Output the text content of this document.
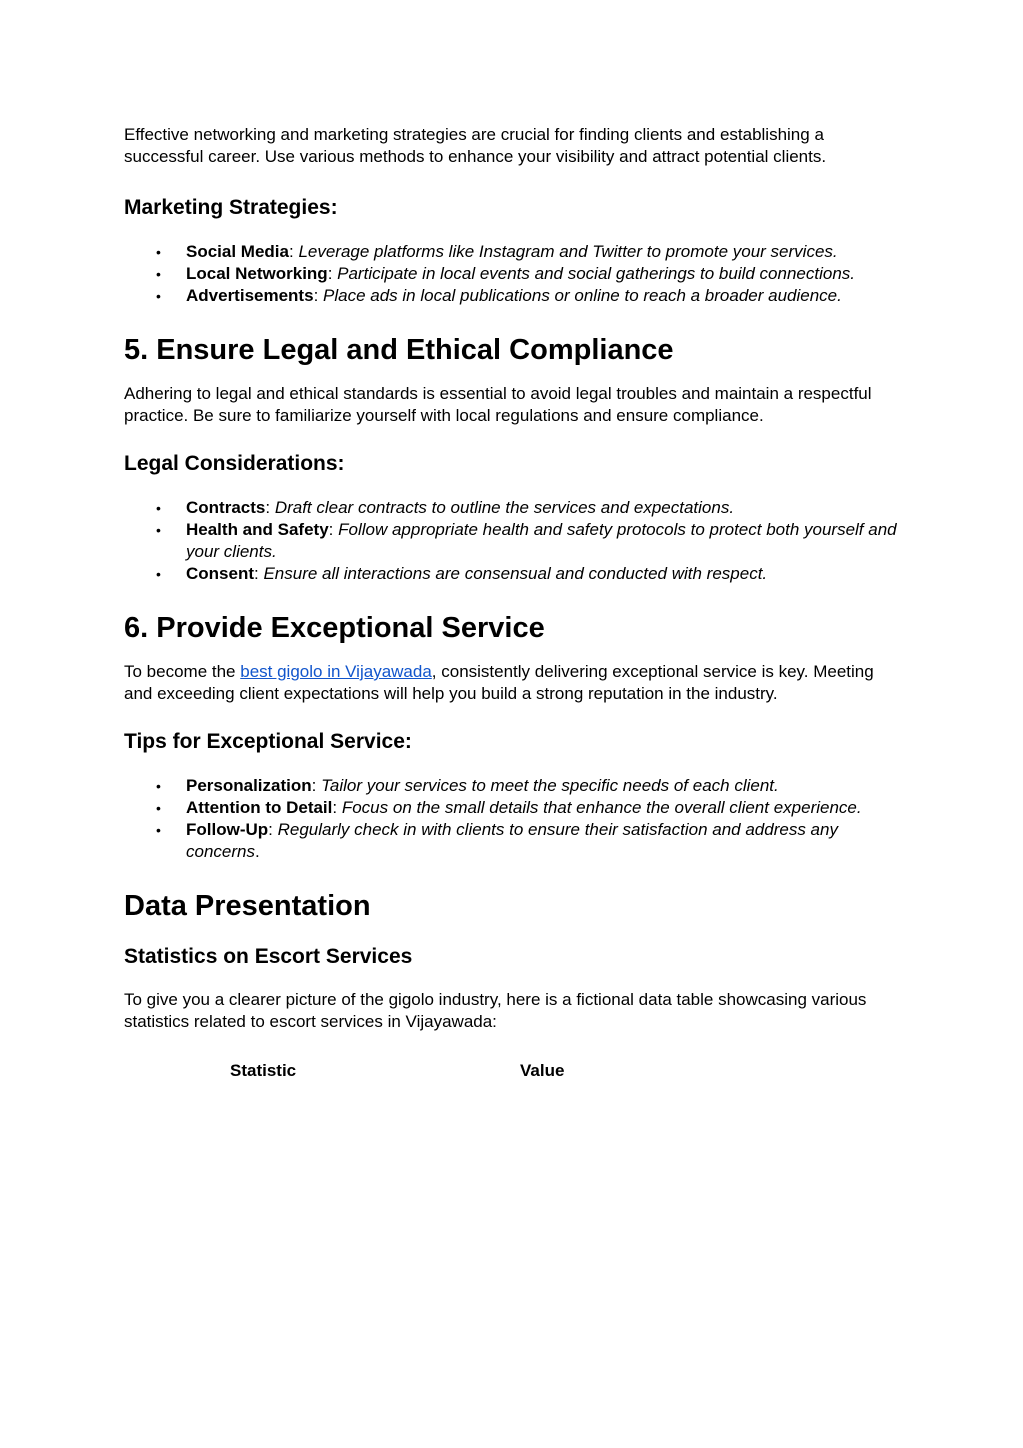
Effective networking and marketing strategies are crucial for finding clients and establishing a successful career. Use various methods to enhance your visibility and attract potential clients.

Marketing Strategies:
• Social Media: Leverage platforms like Instagram and Twitter to promote your services.
• Local Networking: Participate in local events and social gatherings to build connections.
• Advertisements: Place ads in local publications or online to reach a broader audience.
5. Ensure Legal and Ethical Compliance

Adhering to legal and ethical standards is essential to avoid legal troubles and maintain a respectful practice. Be sure to familiarize yourself with local regulations and ensure compliance.

Legal Considerations:
• Contracts: Draft clear contracts to outline the services and expectations.
• Health and Safety: Follow appropriate health and safety protocols to protect both yourself and your clients.
• Consent: Ensure all interactions are consensual and conducted with respect.
6. Provide Exceptional Service

To become the best gigolo in Vijayawada, consistently delivering exceptional service is key. Meeting and exceeding client expectations will help you build a strong reputation in the industry.

Tips for Exceptional Service:
• Personalization: Tailor your services to meet the specific needs of each client.
• Attention to Detail: Focus on the small details that enhance the overall client experience.
• Follow-Up: Regularly check in with clients to ensure their satisfaction and address any concerns.
Data Presentation
Statistics on Escort Services

To give you a clearer picture of the gigolo industry, here is a fictional data table showcasing various statistics related to escort services in Vijayawada:

Statistic	Value
